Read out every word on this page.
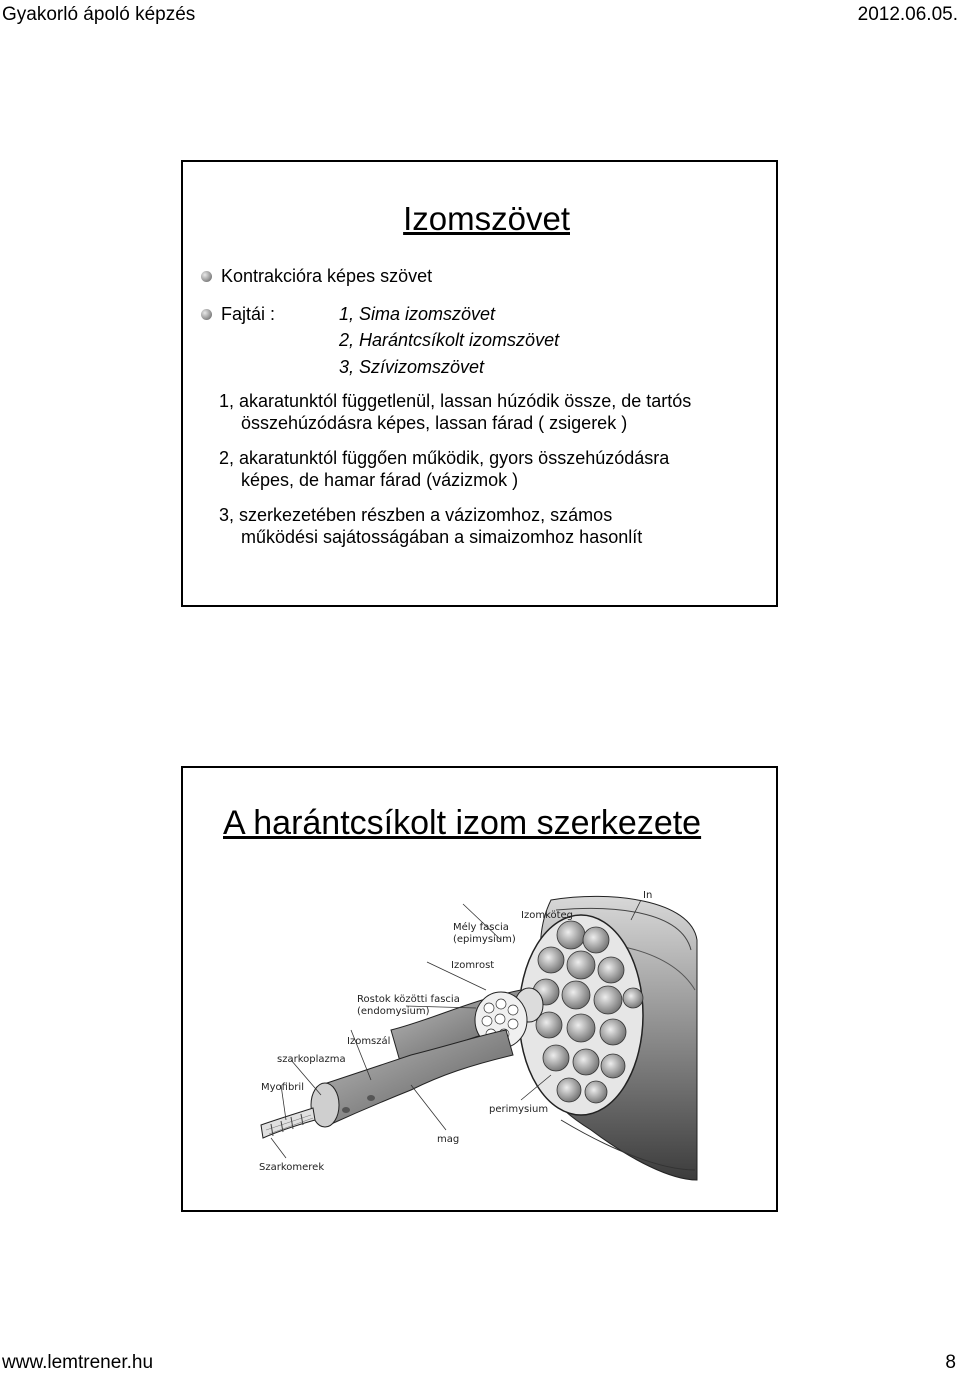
Gyakorló ápoló képzés	2012.06.05.
Izomszövet
Kontrakcióra képes szövet
Fajtái :	1, Sima izomszövet
2, Harántcsíkolt izomszövet
3, Szívizomszövet
1, akaratunktól függetlenül, lassan húzódik össze, de tartós
összehúzódásra képes, lassan fárad ( zsigerek )
2, akaratunktól függően működik, gyors összehúzódásra
képes, de hamar fárad (vázizmok )
3, szerkezetében részben a vázizomhoz, számos
működési sajátosságában a simaizomhoz hasonlít
A harántcsíkolt izom szerkezete
In
Izomköteg
Mély fascia
(epimysium)
Izomrost
Rostok közötti fascia
(endomysium)
Izomszál
szarkoplazma
Myofibril
perimysium
mag
Szarkomerek
www.lemtrener.hu	8
